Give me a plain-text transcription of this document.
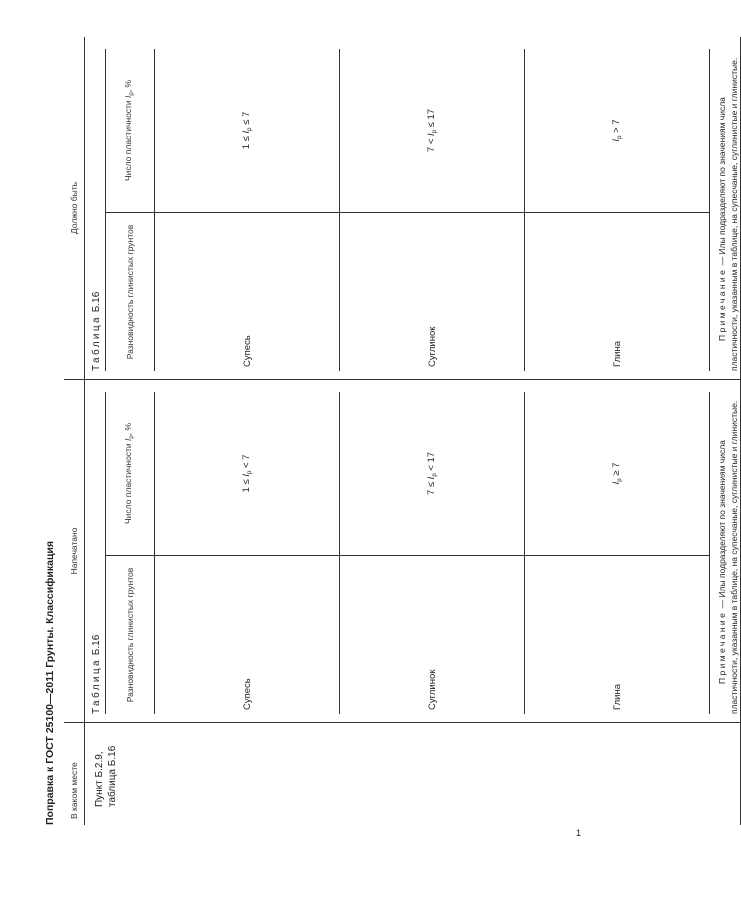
Поправка к ГОСТ 25100—2011 Грунты. Классификация	В каком месте	Напечатано	Должно быть

Пункт Б.2.9, таблица Б.16

Таблица Б.16	Разновидность глинистых грунтов	Число пластичности $I_p$, %
Супесь	$1 \le I_p < 7$
Суглинок	$7 \le I_p < 17$
Глина	$I_p \ge 7$
Примечание — Илы подразделяют по значениям числа пластичности, указанным в таблице, на супесчаные, суглинистые и глинистые.

Таблица Б.16	Разновидность глинистых грунтов	Число пластичности $I_p$, %
Супесь	$1 \le I_p \le 7$
Суглинок	$7 < I_p \le 17$
Глина	$I_p > 7$
Примечание — Илы подразделяют по значениям числа пластичности, указанным в таблице, на супесчаные, суглинистые и глинистые.
1
